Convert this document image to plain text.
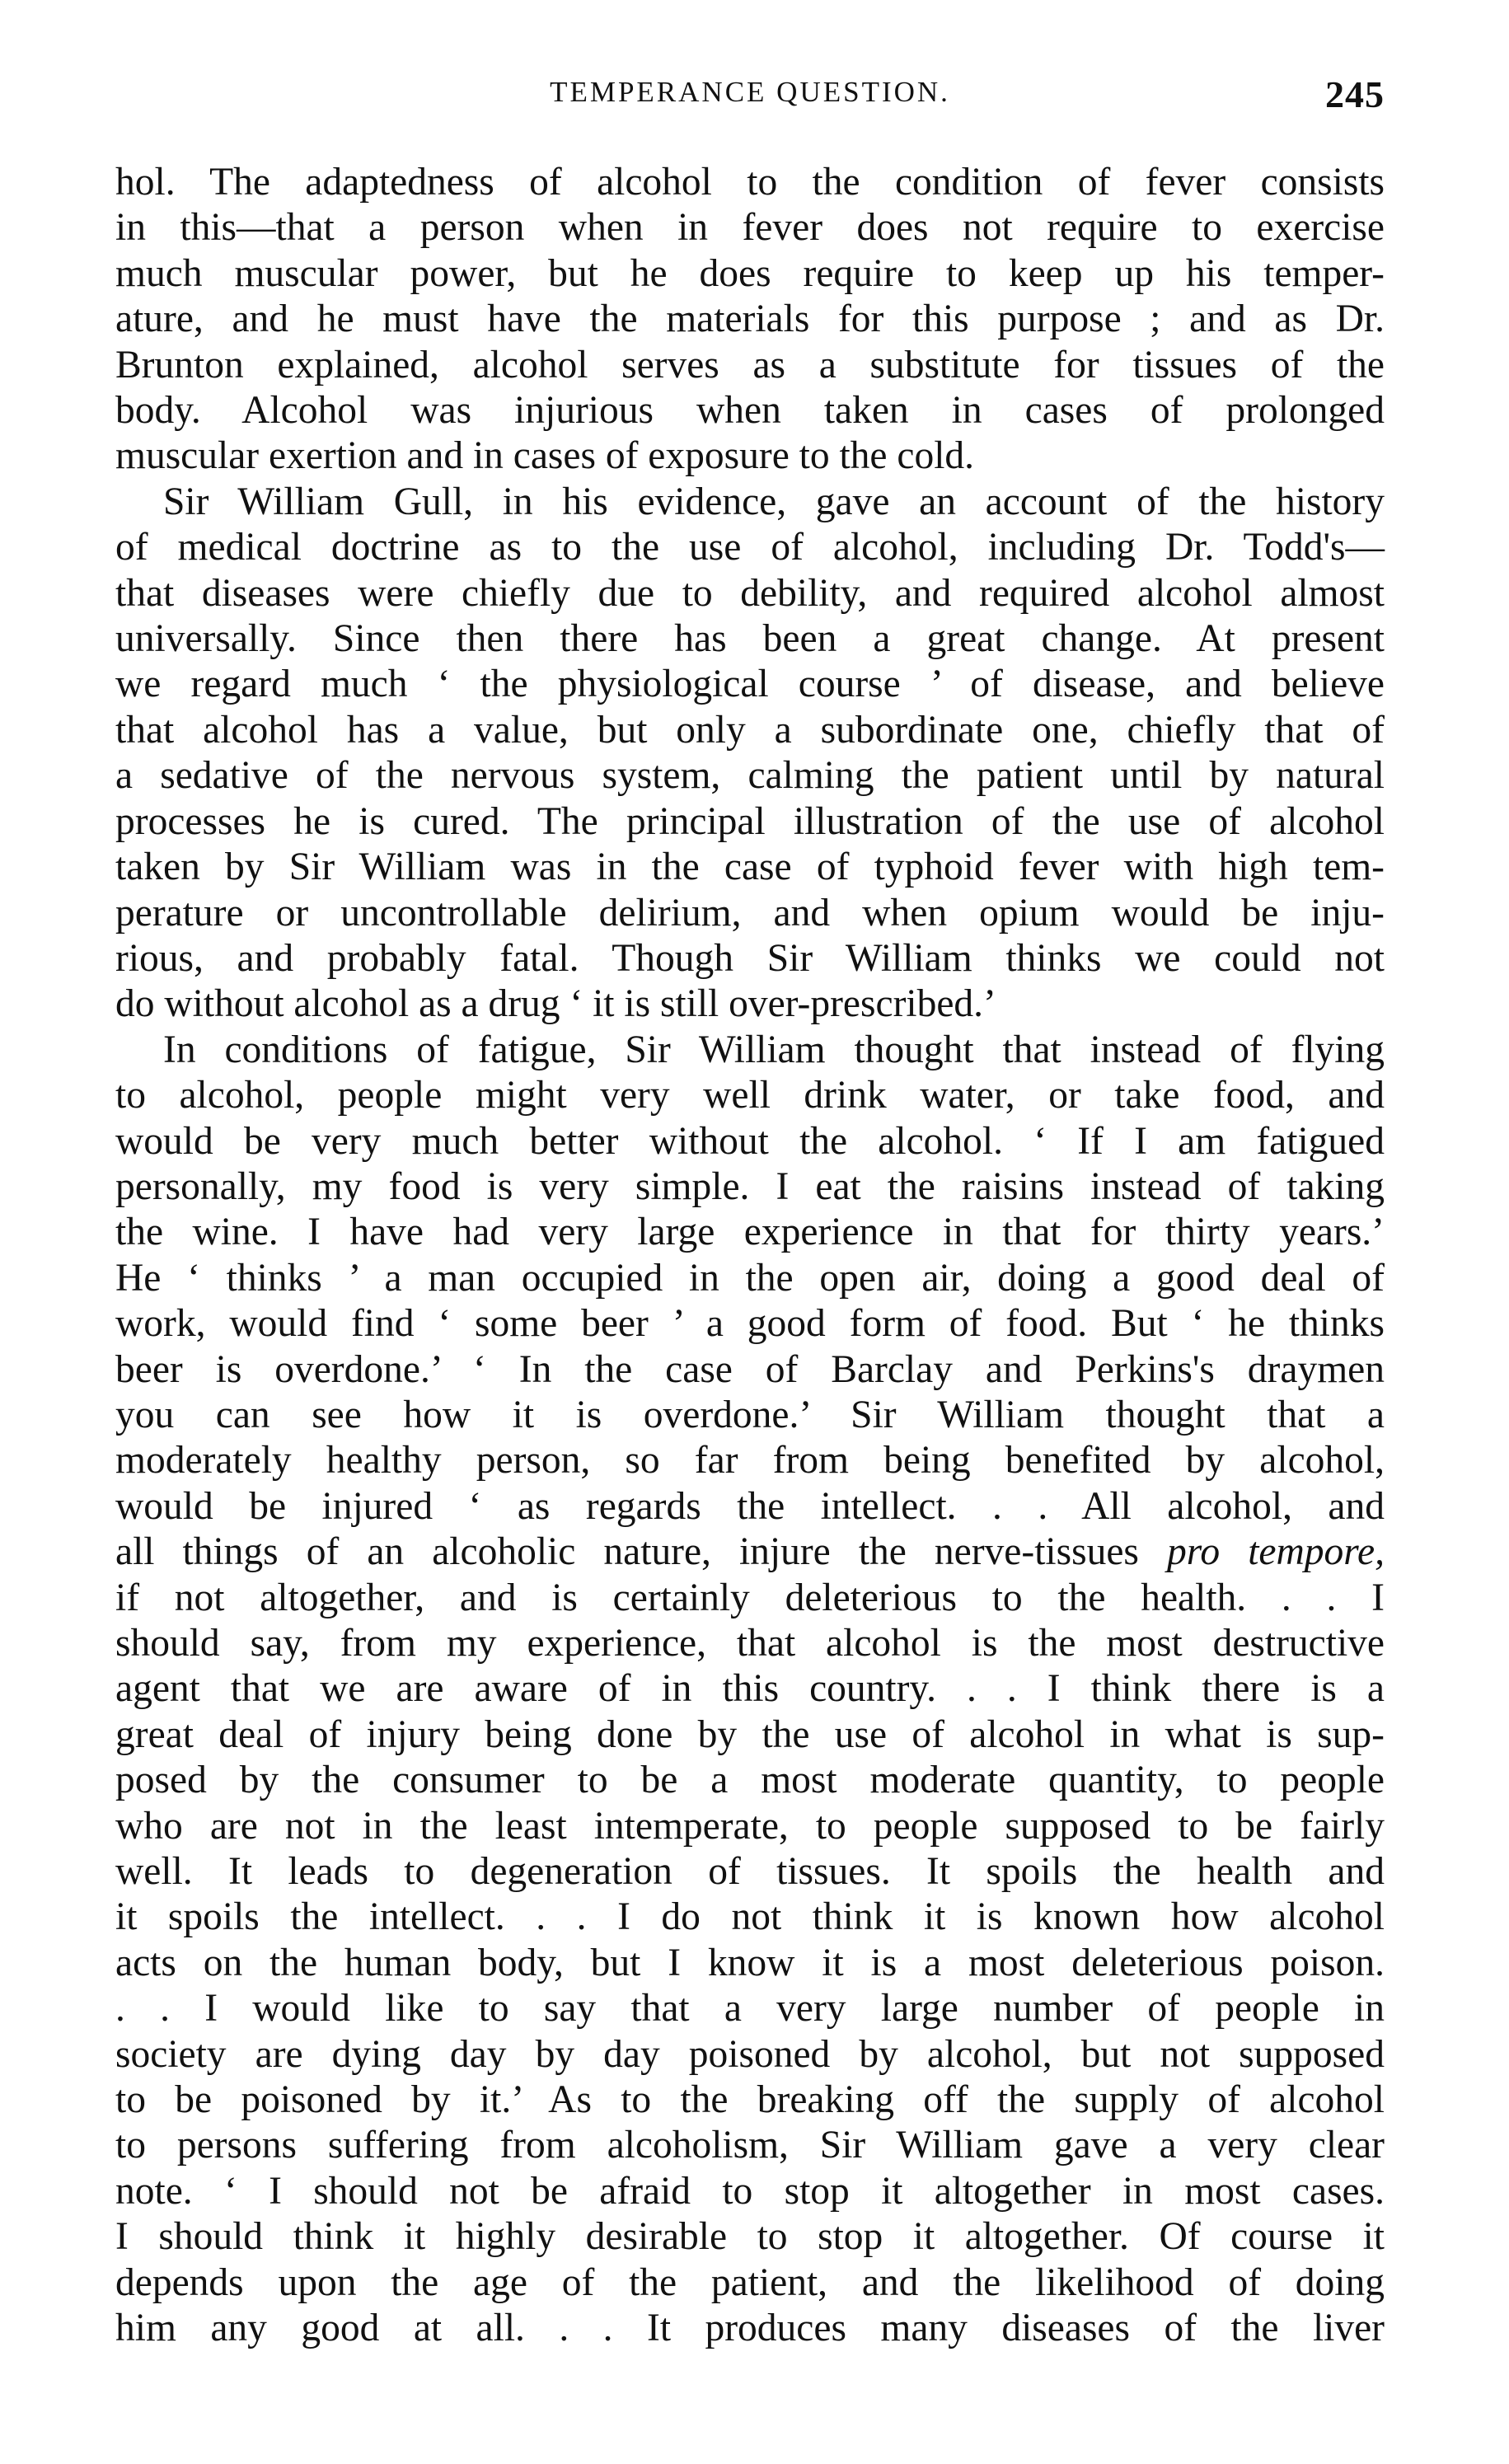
TEMPERANCE QUESTION.	245
hol. The adaptedness of alcohol to the condition of fever consists
in this—that a person when in fever does not require to exercise
much muscular power, but he does require to keep up his temper-
ature, and he must have the materials for this purpose ; and as Dr.
Brunton explained, alcohol serves as a substitute for tissues of the
body. Alcohol was injurious when taken in cases of prolonged
muscular exertion and in cases of exposure to the cold.
Sir William Gull, in his evidence, gave an account of the history
of medical doctrine as to the use of alcohol, including Dr. Todd's—
that diseases were chiefly due to debility, and required alcohol almost
universally. Since then there has been a great change. At present
we regard much ‘ the physiological course ’ of disease, and believe
that alcohol has a value, but only a subordinate one, chiefly that of
a sedative of the nervous system, calming the patient until by natural
processes he is cured. The principal illustration of the use of alcohol
taken by Sir William was in the case of typhoid fever with high tem-
perature or uncontrollable delirium, and when opium would be inju-
rious, and probably fatal. Though Sir William thinks we could not
do without alcohol as a drug ‘ it is still over-prescribed.’
In conditions of fatigue, Sir William thought that instead of flying
to alcohol, people might very well drink water, or take food, and
would be very much better without the alcohol. ‘ If I am fatigued
personally, my food is very simple. I eat the raisins instead of taking
the wine. I have had very large experience in that for thirty years.’
He ‘ thinks ’ a man occupied in the open air, doing a good deal of
work, would find ‘ some beer ’ a good form of food. But ‘ he thinks
beer is overdone.’ ‘ In the case of Barclay and Perkins's draymen
you can see how it is overdone.’ Sir William thought that a
moderately healthy person, so far from being benefited by alcohol,
would be injured ‘ as regards the intellect. . . All alcohol, and
all things of an alcoholic nature, injure the nerve-tissues pro tempore,
if not altogether, and is certainly deleterious to the health. . . I
should say, from my experience, that alcohol is the most destructive
agent that we are aware of in this country. . . I think there is a
great deal of injury being done by the use of alcohol in what is sup-
posed by the consumer to be a most moderate quantity, to people
who are not in the least intemperate, to people supposed to be fairly
well. It leads to degeneration of tissues. It spoils the health and
it spoils the intellect. . . I do not think it is known how alcohol
acts on the human body, but I know it is a most deleterious poison.
. . I would like to say that a very large number of people in
society are dying day by day poisoned by alcohol, but not supposed
to be poisoned by it.’ As to the breaking off the supply of alcohol
to persons suffering from alcoholism, Sir William gave a very clear
note. ‘ I should not be afraid to stop it altogether in most cases.
I should think it highly desirable to stop it altogether. Of course it
depends upon the age of the patient, and the likelihood of doing
him any good at all. . . It produces many diseases of the liver
